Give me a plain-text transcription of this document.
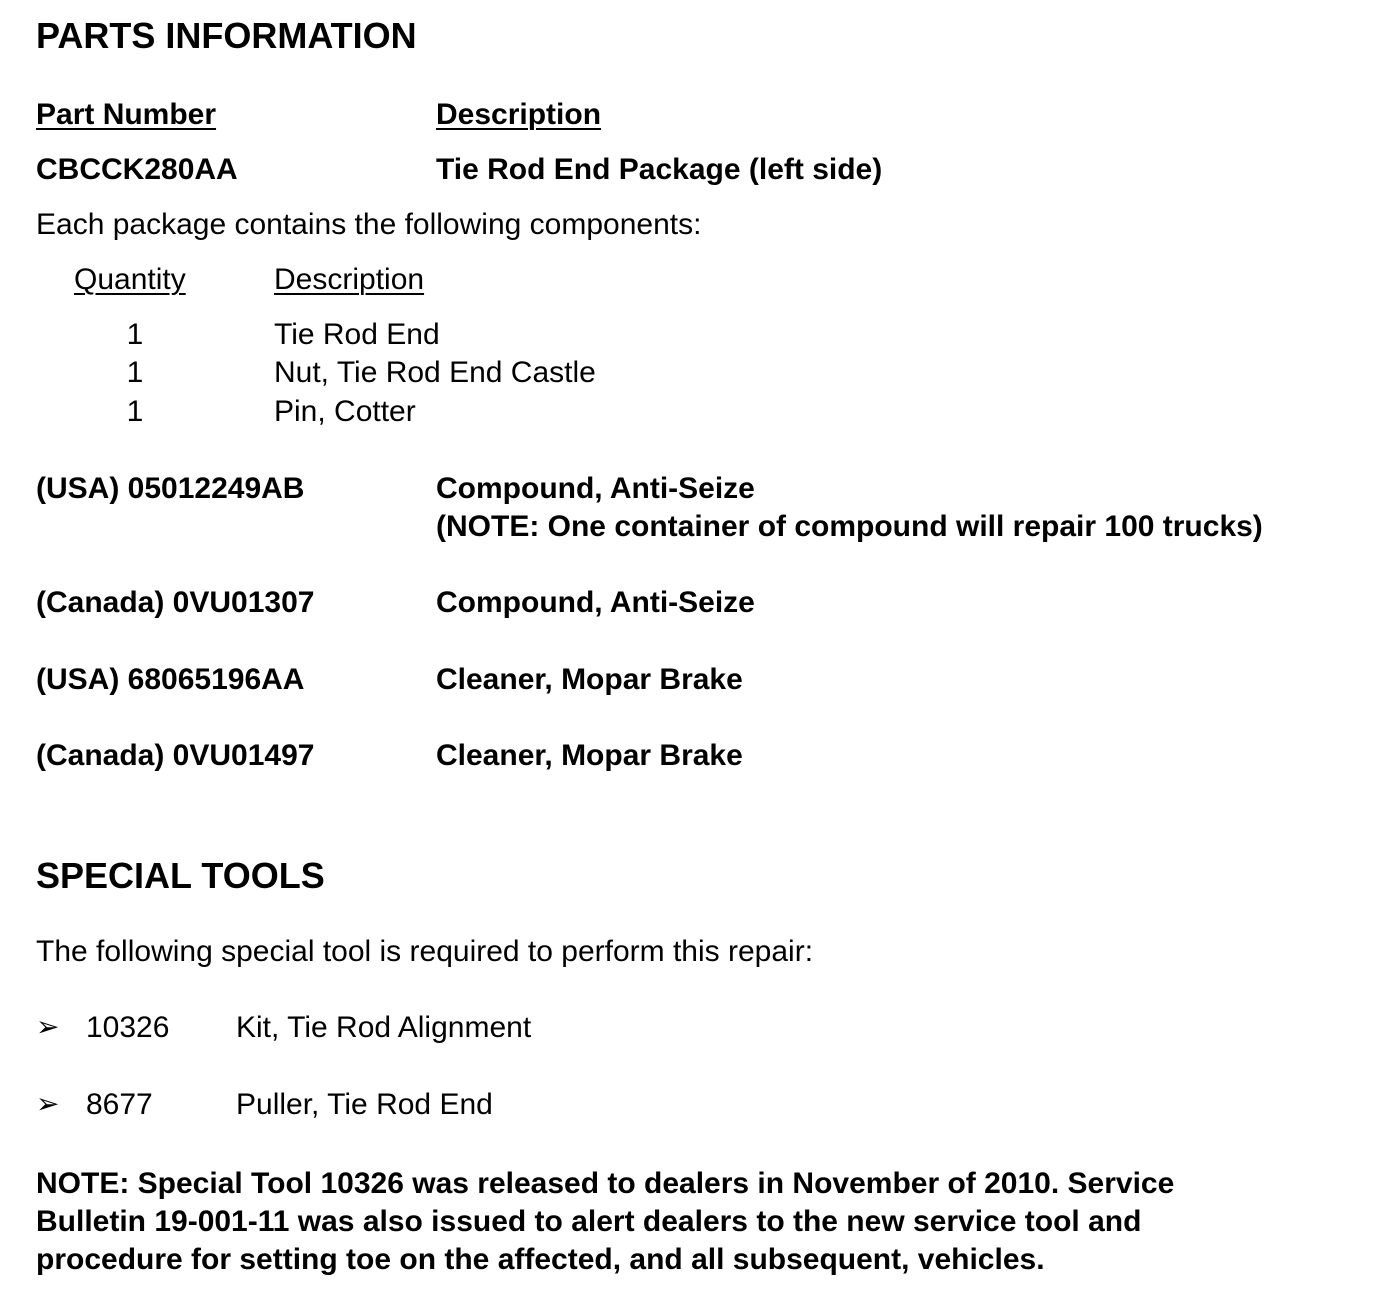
PARTS INFORMATION
Part Number	Description
CBCCK280AA	Tie Rod End Package (left side)
Each package contains the following components:
Quantity	Description
1	Tie Rod End
1	Nut, Tie Rod End Castle
1	Pin, Cotter
(USA) 05012249AB	Compound, Anti-Seize
(NOTE: One container of compound will repair 100 trucks)
(Canada) 0VU01307	Compound, Anti-Seize
(USA) 68065196AA	Cleaner, Mopar Brake
(Canada) 0VU01497	Cleaner, Mopar Brake
SPECIAL TOOLS
The following special tool is required to perform this repair:
➢ 10326 Kit, Tie Rod Alignment
➢ 8677	Puller, Tie Rod End
NOTE: Special Tool 10326 was released to dealers in November of 2010. Service
Bulletin 19-001-11 was also issued to alert dealers to the new service tool and
procedure for setting toe on the affected, and all subsequent, vehicles.
